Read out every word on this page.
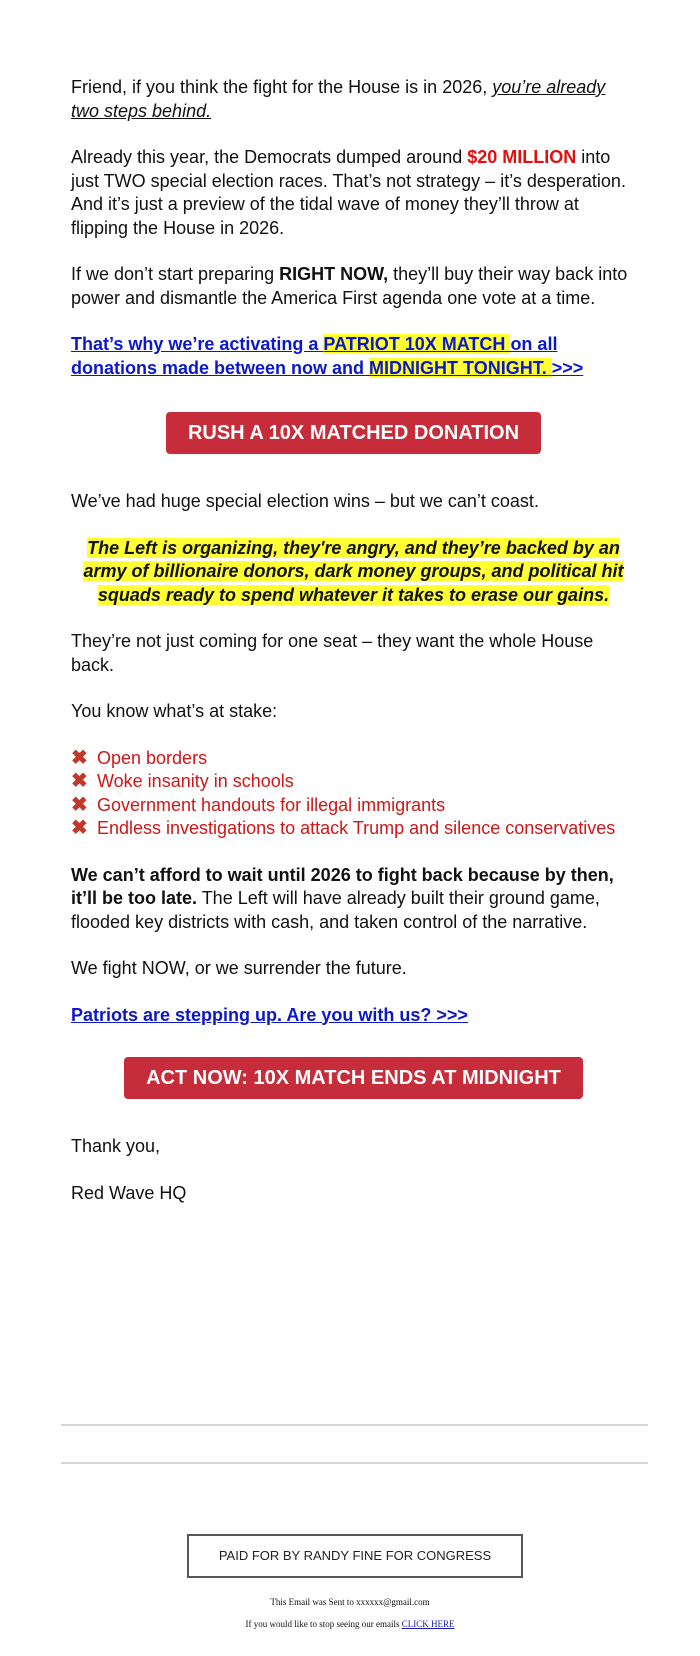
Friend, if you think the fight for the House is in 2026, you’re already two steps behind.

Already this year, the Democrats dumped around $20 MILLION into just TWO special election races. That’s not strategy – it’s desperation. And it’s just a preview of the tidal wave of money they’ll throw at flipping the House in 2026.

If we don’t start preparing RIGHT NOW, they’ll buy their way back into power and dismantle the America First agenda one vote at a time.

That’s why we’re activating a PATRIOT 10X MATCH on all donations made between now and MIDNIGHT TONIGHT. >>>

RUSH A 10X MATCHED DONATION

We’ve had huge special election wins – but we can’t coast.

The Left is organizing, they're angry, and they’re backed by an army of billionaire donors, dark money groups, and political hit squads ready to spend whatever it takes to erase our gains.

They’re not just coming for one seat – they want the whole House back.

You know what’s at stake:

✖ Open borders
✖ Woke insanity in schools
✖ Government handouts for illegal immigrants
✖ Endless investigations to attack Trump and silence conservatives

We can’t afford to wait until 2026 to fight back because by then, it’ll be too late. The Left will have already built their ground game, flooded key districts with cash, and taken control of the narrative.

We fight NOW, or we surrender the future.

Patriots are stepping up. Are you with us? >>>

ACT NOW: 10X MATCH ENDS AT MIDNIGHT

Thank you,

Red Wave HQ

PAID FOR BY RANDY FINE FOR CONGRESS
This Email was Sent to xxxxxx@gmail.com
If you would like to stop seeing our emails CLICK HERE
